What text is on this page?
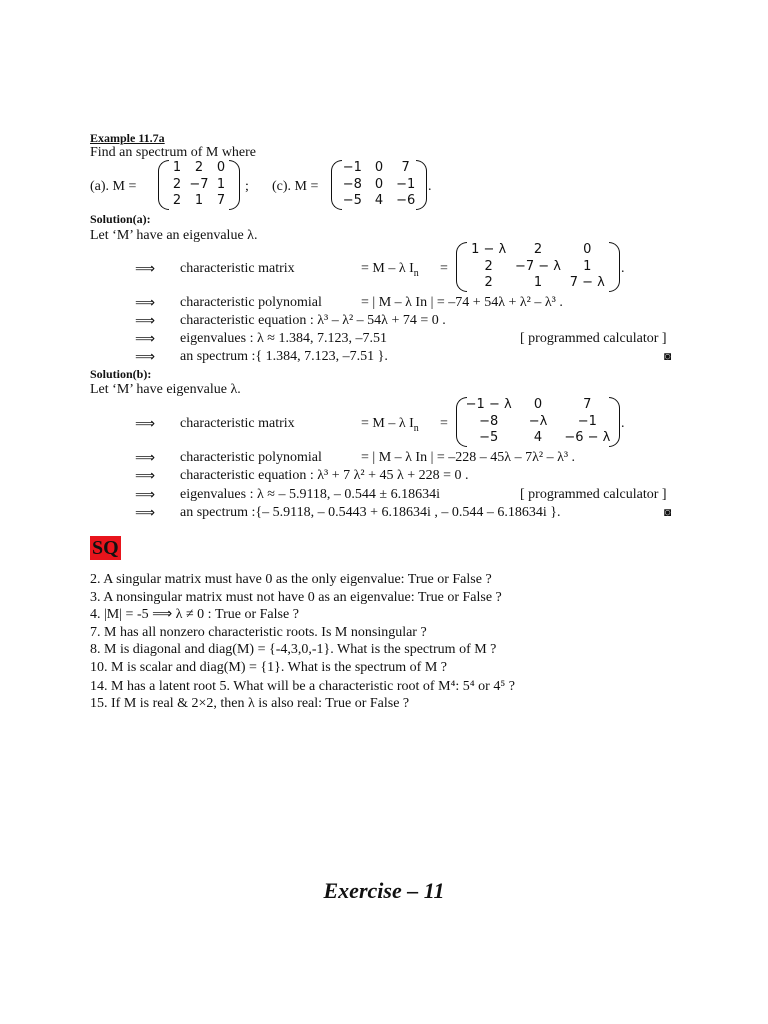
Example 11.7a
Find an spectrum of M where
(a). M =
1	2	0
2 −7 1
2	1	7
; (c). M =
−1 0	7
−8 0 −1
−5 4 −6
.
Solution(a):
Let ‘M’ have an eigenvalue λ.
⟹ characteristic matrix	= M – λ $I_n$ =
1 − λ	2	0
2	−7 − λ	1
2	1	7 − λ
.
⟹ characteristic polynomial	= | M – λ In | = –74 + 54λ + λ² – λ³ .
⟹ characteristic equation : λ³ – λ² – 54λ + 74 = 0 .
⟹ eigenvalues : λ ≈ 1.384, 7.123, –7.51	[ programmed calculator ]
⟹ an spectrum :{ 1.384, 7.123, –7.51 }.	◙
Solution(b):
Let ‘M’ have eigenvalue λ.
⟹ characteristic matrix	= M – λ $I_n$ =
−1 − λ	0	7
−8	−λ	−1
−5	4	−6 − λ
.
⟹ characteristic polynomial	= | M – λ In | = –228 – 45λ – 7λ² – λ³ .
⟹ characteristic equation : λ³ + 7 λ² + 45 λ + 228 = 0 .
⟹ eigenvalues : λ ≈ – 5.9118, – 0.544 ± 6.18634i	[ programmed calculator ]
⟹ an spectrum :{– 5.9118, – 0.5443 + 6.18634i , – 0.544 – 6.18634i }.	◙
SQ
2. A singular matrix must have 0 as the only eigenvalue: True or False ?
3. A nonsingular matrix must not have 0 as an eigenvalue: True or False ?
4. |M| = -5 ⟹ λ ≠ 0 : True or False ?
7. M has all nonzero characteristic roots. Is M nonsingular ?
8. M is diagonal and diag(M) = {-4,3,0,-1}. What is the spectrum of M ?
10. M is scalar and diag(M) = {1}. What is the spectrum of M ?
14. M has a latent root 5. What will be a characteristic root of M⁴: 5⁴ or 4⁵ ?
15. If M is real & 2×2, then λ is also real: True or False ?
Exercise – 11
